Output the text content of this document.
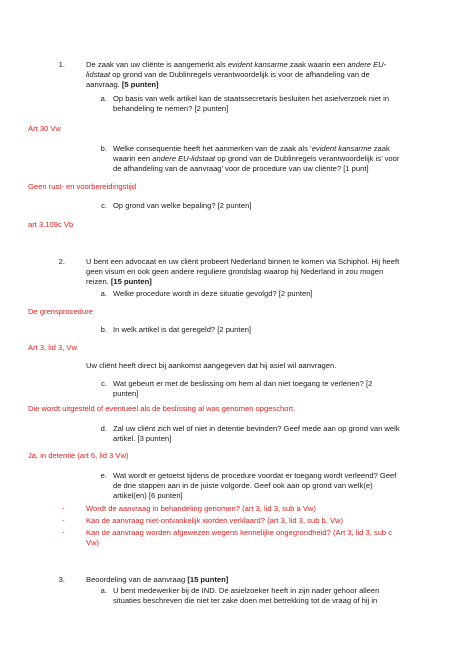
1.	De zaak van uw cliënte is aangemerkt als evident kansarme zaak waarin een andere EU-
lidstaat op grond van de Dublinregels verantwoordelijk is voor de afhandeling van de
aanvraag. [5 punten]
a. Op basis van welk artikel kan de staatssecretaris besluiten het asielverzoek niet in
behandeling te nemen? [2 punten]
Art 30 Vw
b. Welke consequentie heeft het aanmerken van de zaak als ‘evident kansarme zaak
waarin een andere EU-lidstaat op grond van de Dublinregels verantwoordelijk is’ voor
de afhandeling van de aanvraag’ voor de procedure van uw cliënte? [1 punt]
Geen rust- en voorbereidingstijd
c. Op grond van welke bepaling? [2 punten]
art 3.109c Vb
2.	U bent een advocaat en uw cliënt probeert Nederland binnen te komen via Schiphol. Hij heeft
geen visum en ook geen andere reguliere grondslag waarop hij Nederland in zou mogen
reizen. [15 punten]
a. Welke procedure wordt in deze situatie gevolgd? [2 punten]
De grensprocedure
b. In welk artikel is dat geregeld? [2 punten]
Art 3, lid 3, Vw
Uw cliënt heeft direct bij aankomst aangegeven dat hij asiel wil aanvragen.
c. Wat gebeurt er met de beslissing om hem al dan niet toegang te verlenen? [2
punten]
Die wordt uitgesteld of eventueel als de beslissing al was genomen opgeschort.
d. Zal uw cliënt zich wel of niet in detentie bevinden? Geef mede aan op grond van welk
artikel. [3 punten]
Ja, in detentie (art 6, lid 3 Vw)
e. Wat wordt er getoetst tijdens de procedure voordat er toegang wordt verleend? Geef
de drie stappen aan in de juiste volgorde. Geef ook aan op grond van welk(e)
artikel(en) [6 punten]
-	Wordt de aanvraag in behandeling genomen? (art 3, lid 3, sub a Vw)
-	Kan de aanvraag niet-ontvankelijk worden verklaard? (art 3, lid 3, sub b, Vw)
-	Kan de aanvraag worden afgewezen wegens kennelijke ongegrondheid? (Art 3, lid 3, sub c
Vw)
3.	Beoordeling van de aanvraag [15 punten]
a. U bent medewerker bij de IND. De asielzoeker heeft in zijn nader gehoor alleen
situaties beschreven die niet ter zake doen met betrekking tot de vraag of hij in
